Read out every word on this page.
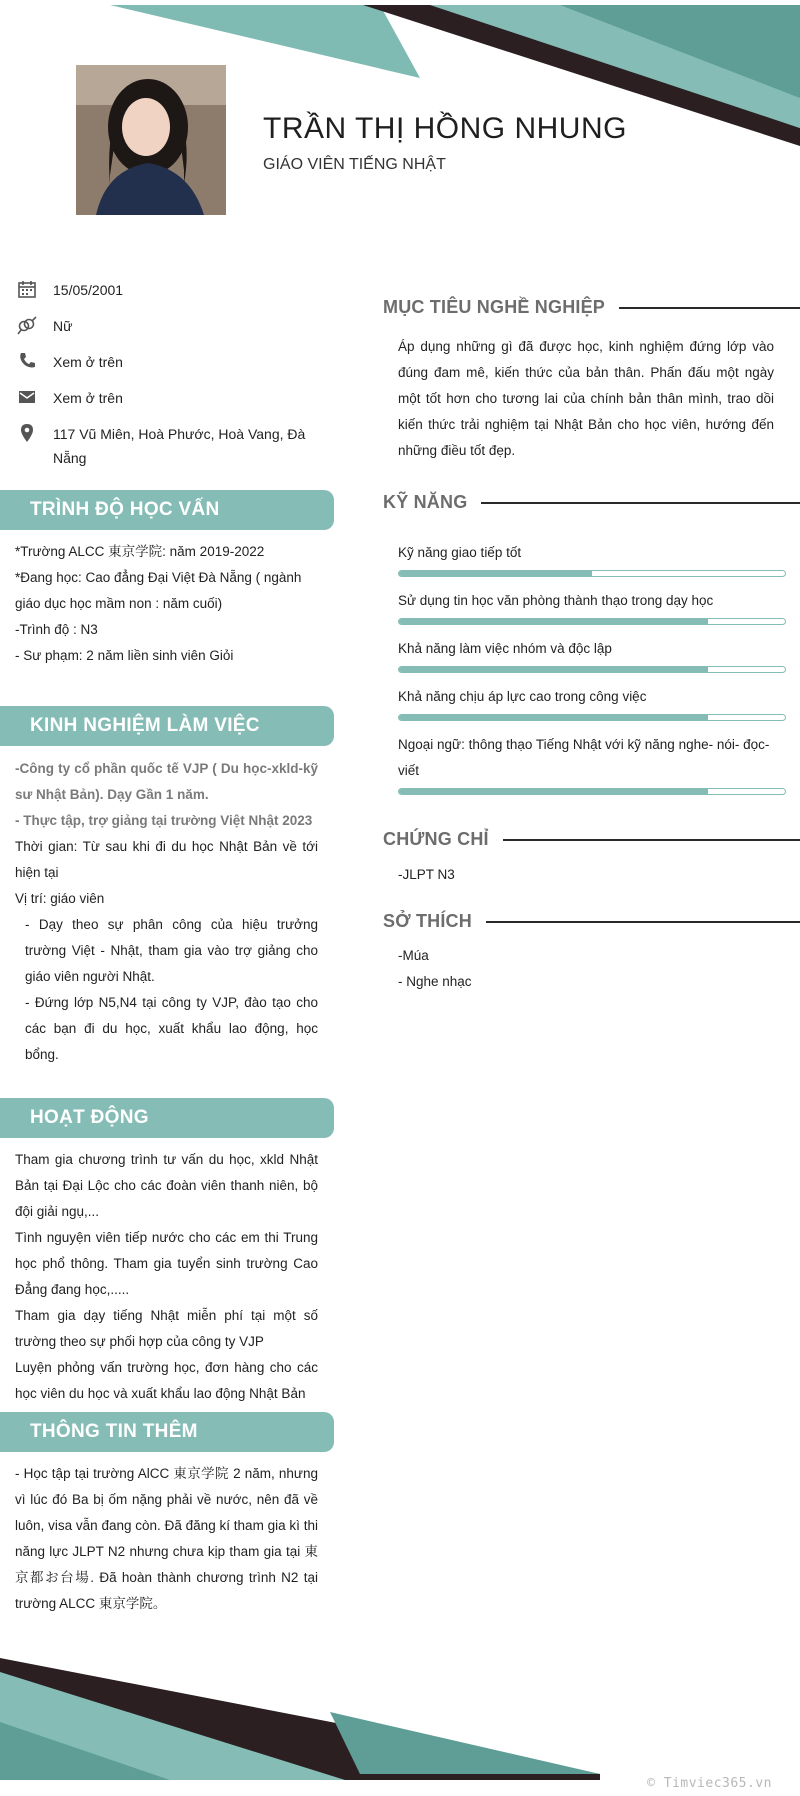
TRẦN THỊ HỒNG NHUNG
GIÁO VIÊN TIẾNG NHẬT
15/05/2001
Nữ
Xem ở trên
Xem ở trên
117 Vũ Miên, Hoà Phước, Hoà Vang, Đà Nẵng
TRÌNH ĐỘ HỌC VẤN

*Trường ALCC 東京学院: năm 2019-2022

*Đang học: Cao đẳng Đại Việt Đà Nẵng ( ngành giáo dục học mầm non : năm cuối)

-Trình độ : N3

- Sư phạm: 2 năm liền sinh viên Giỏi

KINH NGHIỆM LÀM VIỆC

-Công ty cổ phần quốc tế VJP ( Du học-xkld-kỹ sư Nhật Bản). Dạy Gần 1 năm.

- Thực tập, trợ giảng tại trường Việt Nhật 2023

Thời gian: Từ sau khi đi du học Nhật Bản về tới hiện tại

Vị trí: giáo viên

- Dạy theo sự phân công của hiệu trưởng trường Việt - Nhật, tham gia vào trợ giảng cho giáo viên người Nhật.

- Đứng lớp N5,N4 tại công ty VJP, đào tạo cho các bạn đi du học, xuất khẩu lao động, học bổng.

HOẠT ĐỘNG

Tham gia chương trình tư vấn du học, xkld Nhật Bản tại Đại Lộc cho các đoàn viên thanh niên, bộ đội giải ngụ,...

Tình nguyện viên tiếp nước cho các em thi Trung học phổ thông. Tham gia tuyển sinh trường Cao Đẳng đang học,.....

Tham gia dạy tiếng Nhật miễn phí tại một số trường theo sự phối hợp của công ty VJP

Luyện phỏng vấn trường học, đơn hàng cho các học viên du học và xuất khẩu lao động Nhật Bản

THÔNG TIN THÊM

- Học tập tại trường AlCC 東京学院 2 năm, nhưng vì lúc đó Ba bị ốm nặng phải về nước, nên đã về luôn, visa vẫn đang còn. Đã đăng kí tham gia kì thi năng lực JLPT N2 nhưng chưa kịp tham gia tại 東京都お台場. Đã hoàn thành chương trình N2 tại trường ALCC 東京学院。

MỤC TIÊU NGHỀ NGHIỆP

Áp dụng những gì đã được học, kinh nghiệm đứng lớp vào đúng đam mê, kiến thức của bản thân. Phấn đấu một ngày một tốt hơn cho tương lai của chính bản thân mình, trao dồi kiến thức trải nghiệm tại Nhật Bản cho học viên, hướng đến những điều tốt đẹp.

KỸ NĂNG
Kỹ năng giao tiếp tốt
Sử dụng tin học văn phòng thành thạo trong dạy học
Khả năng làm việc nhóm và độc lập
Khả năng chịu áp lực cao trong công việc
Ngoại ngữ: thông thạo Tiếng Nhật với kỹ năng nghe- nói- đọc- viết
CHỨNG CHỈ

-JLPT N3

SỞ THÍCH

-Múa

- Nghe nhạc

© Timviec365.vn
